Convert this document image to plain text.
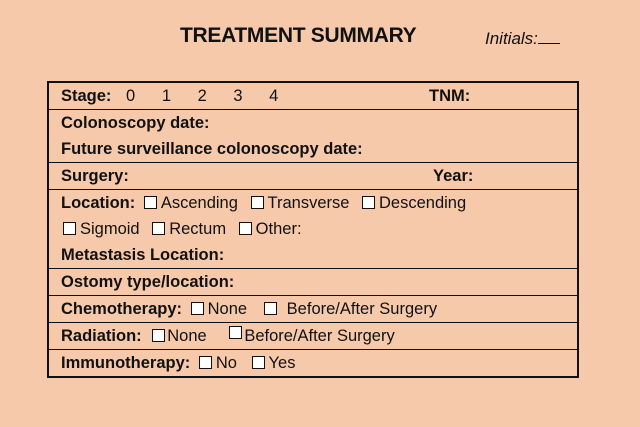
TREATMENT SUMMARY	Initials:
Stage: 0 1 2 3 4	TNM:
Colonoscopy date:
Future surveillance colonoscopy date:
Surgery:	Year:
Location: Ascending Transverse Descending
Sigmoid Rectum Other:
Metastasis Location:
Ostomy type/location:
Chemotherapy: None Before/After Surgery
Radiation: None Before/After Surgery
Immunotherapy: No Yes
